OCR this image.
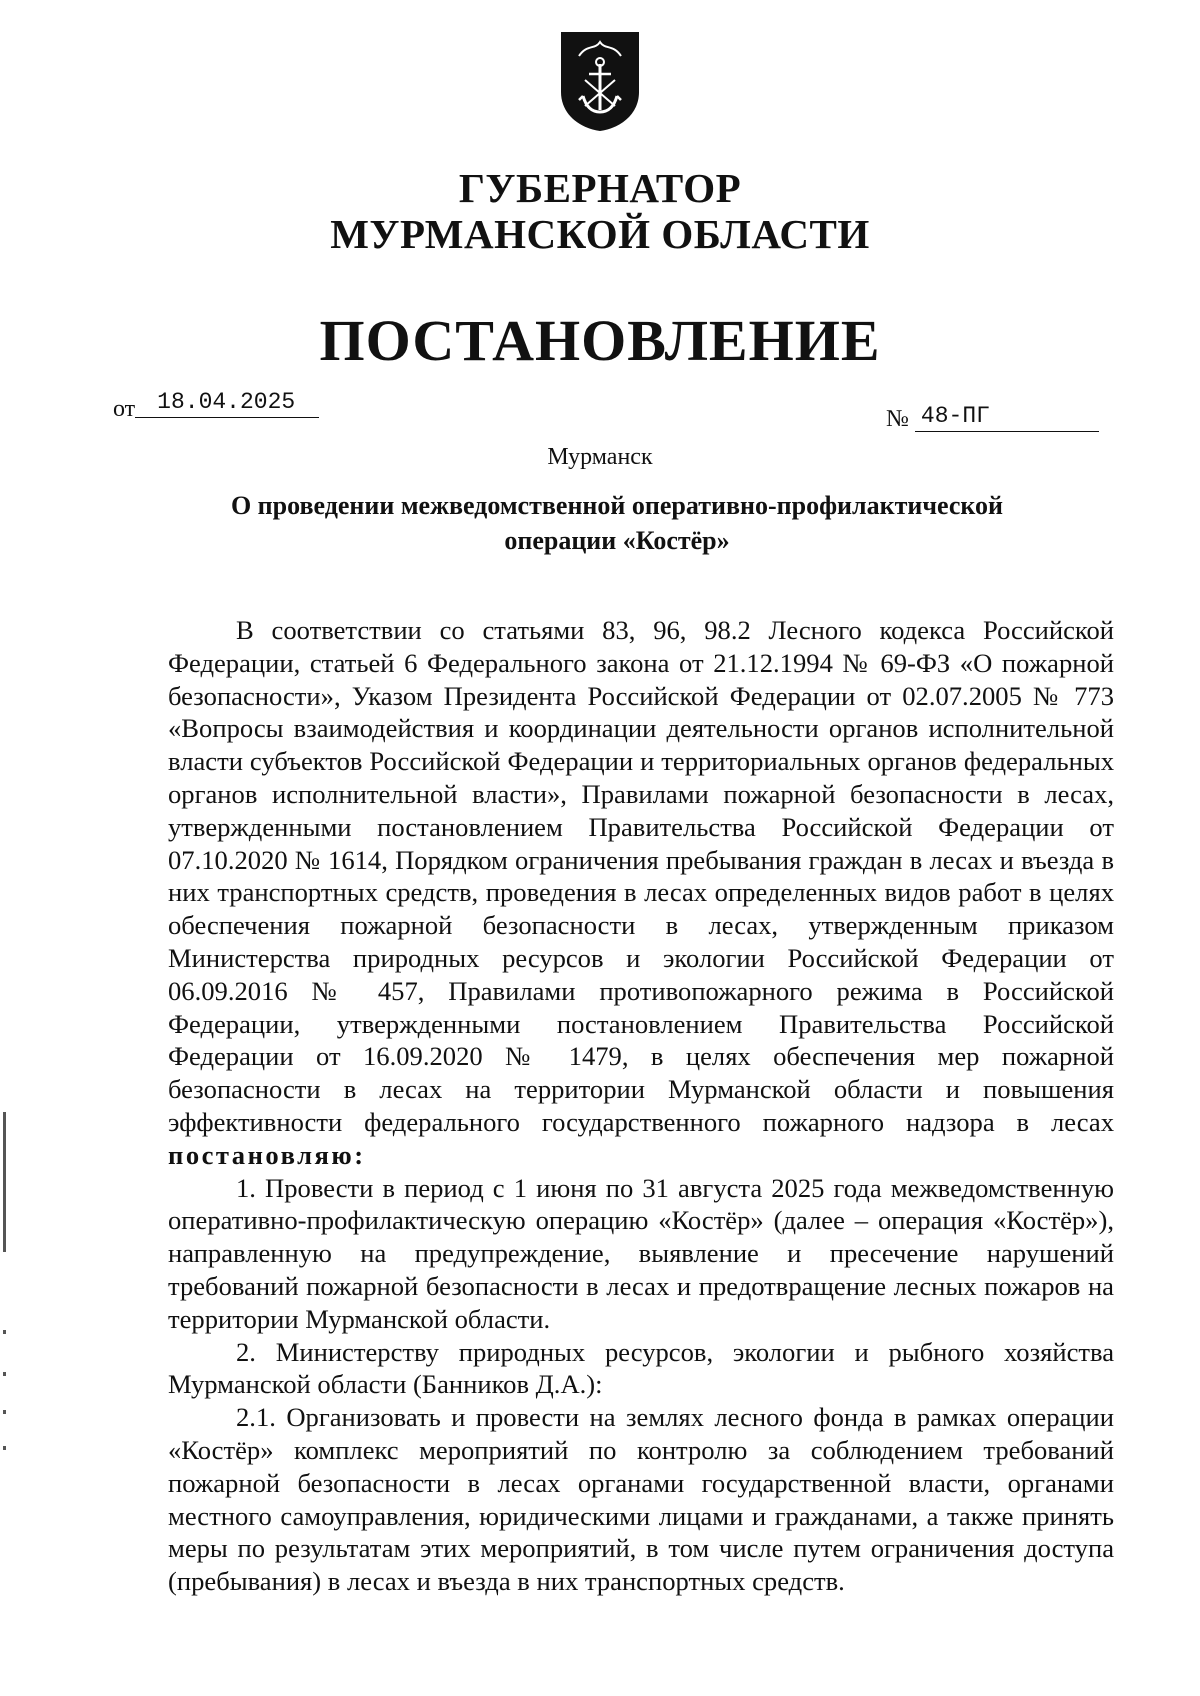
ГУБЕРНАТОР
МУРМАНСКОЙ ОБЛАСТИ
ПОСТАНОВЛЕНИЕ
от 18.04.2025
№ 48-ПГ
Мурманск
О проведении межведомственной оперативно-профилактической
операции «Костёр»

В соответствии со статьями 83, 96, 98.2 Лесного кодекса Российской Федерации, статьей 6 Федерального закона от 21.12.1994 № 69-ФЗ «О пожарной безопасности», Указом Президента Российской Федерации от 02.07.2005 № 773 «Вопросы взаимодействия и координации деятельности органов исполнительной власти субъектов Российской Федерации и территориальных органов федеральных органов исполнительной власти», Правилами пожарной безопасности в лесах, утвержденными постановлением Правительства Российской Федерации от 07.10.2020 № 1614, Порядком ограничения пребывания граждан в лесах и въезда в них транспортных средств, проведения в лесах определенных видов работ в целях обеспечения пожарной безопасности в лесах, утвержденным приказом Министерства природных ресурсов и экологии Российской Федерации от 06.09.2016 № 457, Правилами противопожарного режима в Российской Федерации, утвержденными постановлением Правительства Российской Федерации от 16.09.2020 № 1479, в целях обеспечения мер пожарной безопасности в лесах на территории Мурманской области и повышения эффективности федерального государственного пожарного надзора в лесах постановляю:

1. Провести в период с 1 июня по 31 августа 2025 года межведомственную оперативно-профилактическую операцию «Костёр» (далее – операция «Костёр»), направленную на предупреждение, выявление и пресечение нарушений требований пожарной безопасности в лесах и предотвращение лесных пожаров на территории Мурманской области.

2. Министерству природных ресурсов, экологии и рыбного хозяйства Мурманской области (Банников Д.А.):

2.1. Организовать и провести на землях лесного фонда в рамках операции «Костёр» комплекс мероприятий по контролю за соблюдением требований пожарной безопасности в лесах органами государственной власти, органами местного самоуправления, юридическими лицами и гражданами, а также принять меры по результатам этих мероприятий, в том числе путем ограничения доступа (пребывания) в лесах и въезда в них транспортных средств.
